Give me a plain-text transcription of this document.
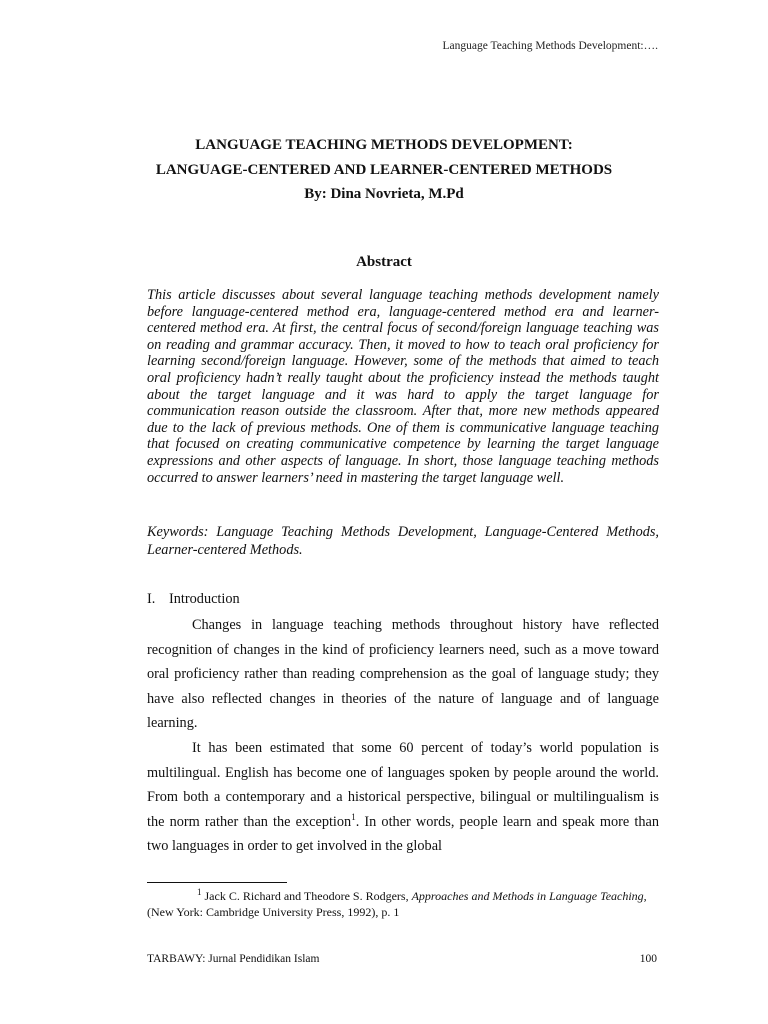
Language Teaching Methods Development:….
LANGUAGE TEACHING METHODS DEVELOPMENT:
LANGUAGE-CENTERED AND LEARNER-CENTERED METHODS
By: Dina Novrieta, M.Pd
Abstract

This article discusses about several language teaching methods development namely before language-centered method era, language-centered method era and learner-centered method era. At first, the central focus of second/foreign language teaching was on reading and grammar accuracy. Then, it moved to how to teach oral proficiency for learning second/foreign language. However, some of the methods that aimed to teach oral proficiency hadn’t really taught about the proficiency instead the methods taught about the target language and it was hard to apply the target language for communication reason outside the classroom. After that, more new methods appeared due to the lack of previous methods. One of them is communicative language teaching that focused on creating communicative competence by learning the target language expressions and other aspects of language. In short, those language teaching methods occurred to answer learners’ need in mastering the target language well.

Keywords: Language Teaching Methods Development, Language-Centered Methods, Learner-centered Methods.

I. Introduction

Changes in language teaching methods throughout history have reflected recognition of changes in the kind of proficiency learners need, such as a move toward oral proficiency rather than reading comprehension as the goal of language study; they have also reflected changes in theories of the nature of language and of language learning.

It has been estimated that some 60 percent of today’s world population is multilingual. English has become one of languages spoken by people around the world. From both a contemporary and a historical perspective, bilingual or multilingualism is the norm rather than the exception$^1$. In other words, people learn and speak more than two languages in order to get involved in the global

$^1$ Jack C. Richard and Theodore S. Rodgers, Approaches and Methods in Language Teaching, (New York: Cambridge University Press, 1992), p. 1

TARBAWY: Jurnal Pendidikan Islam	100
